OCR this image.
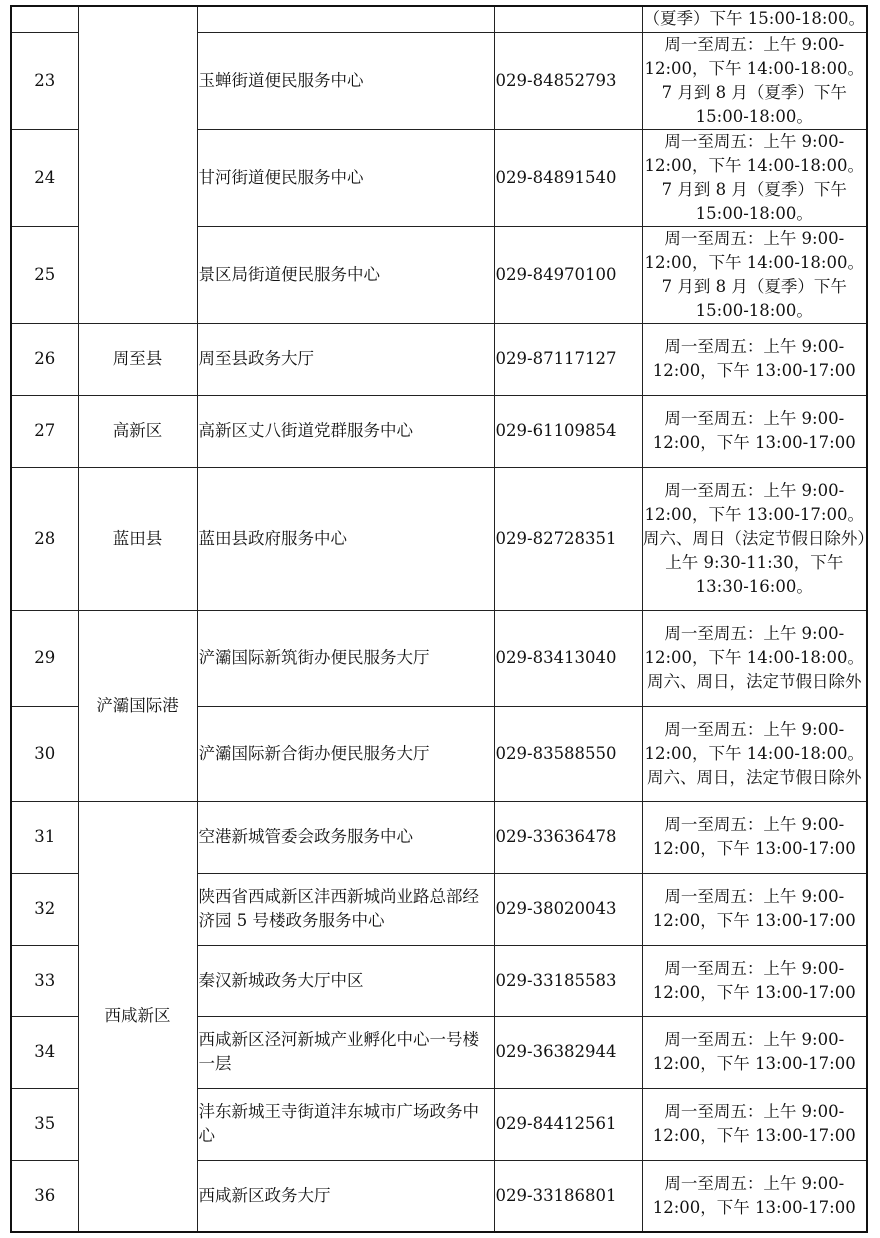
				（夏季）下午 15:00-18:00。
23		玉蝉街道便民服务中心	029-84852793	周一至周五：上午 9:00-12:00，下午 14:00-18:00。7 月到 8 月（夏季）下午 15:00-18:00。
24		甘河街道便民服务中心	029-84891540	周一至周五：上午 9:00-12:00，下午 14:00-18:00。7 月到 8 月（夏季）下午 15:00-18:00。
25		景区局街道便民服务中心	029-84970100	周一至周五：上午 9:00-12:00，下午 14:00-18:00。7 月到 8 月（夏季）下午 15:00-18:00。
26	周至县	周至县政务大厅	029-87117127	周一至周五：上午 9:00-12:00，下午 13:00-17:00
27	高新区	高新区丈八街道党群服务中心	029-61109854	周一至周五：上午 9:00-12:00，下午 13:00-17:00
28	蓝田县	蓝田县政府服务中心	029-82728351	周一至周五：上午 9:00-12:00，下午 13:00-17:00。周六、周日（法定节假日除外）上午 9:30-11:30，下午 13:30-16:00。
29	浐灞国际港	浐灞国际新筑街办便民服务大厅	029-83413040	周一至周五：上午 9:00-12:00，下午 14:00-18:00。周六、周日，法定节假日除外
30		浐灞国际新合街办便民服务大厅	029-83588550	周一至周五：上午 9:00-12:00，下午 14:00-18:00。周六、周日，法定节假日除外
31	西咸新区	空港新城管委会政务服务中心	029-33636478	周一至周五：上午 9:00-12:00，下午 13:00-17:00
32		陕西省西咸新区沣西新城尚业路总部经济园 5 号楼政务服务中心	029-38020043	周一至周五：上午 9:00-12:00，下午 13:00-17:00
33		秦汉新城政务大厅中区	029-33185583	周一至周五：上午 9:00-12:00，下午 13:00-17:00
34		西咸新区泾河新城产业孵化中心一号楼一层	029-36382944	周一至周五：上午 9:00-12:00，下午 13:00-17:00
35		沣东新城王寺街道沣东城市广场政务中心	029-84412561	周一至周五：上午 9:00-12:00，下午 13:00-17:00
36		西咸新区政务大厅	029-33186801	周一至周五：上午 9:00-12:00，下午 13:00-17:00
